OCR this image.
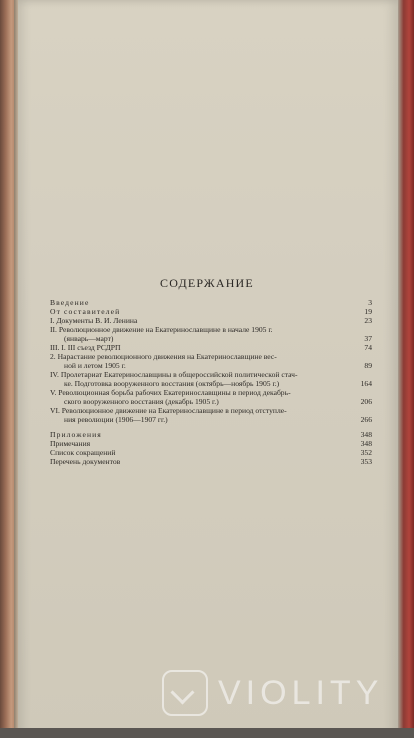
СОДЕРЖАНИЕ
Введение	3
От составителей	19
I. Документы В. И. Ленина	23
II. Революционное движение на Екатеринославщине в начале 1905 г.
(январь—март)	37
III. I. III съезд РСДРП	74
2. Нарастание революционного движения на Екатеринославщине вес-
ной и летом 1905 г.	89
IV. Пролетариат Екатеринославщины в общероссийской политической стач-
ке. Подготовка вооруженного восстания (октябрь—ноябрь 1905 г.)	164
V. Революционная борьба рабочих Екатеринославщины в период декабрь-
ского вооруженного восстания (декабрь 1905 г.)	206
VI. Революционное движение на Екатеринославщине в период отступле-
ния революции (1906—1907 гг.)	266
Приложения	348
Примечания	348
Список сокращений	352
Перечень документов	353
VIOLITY
